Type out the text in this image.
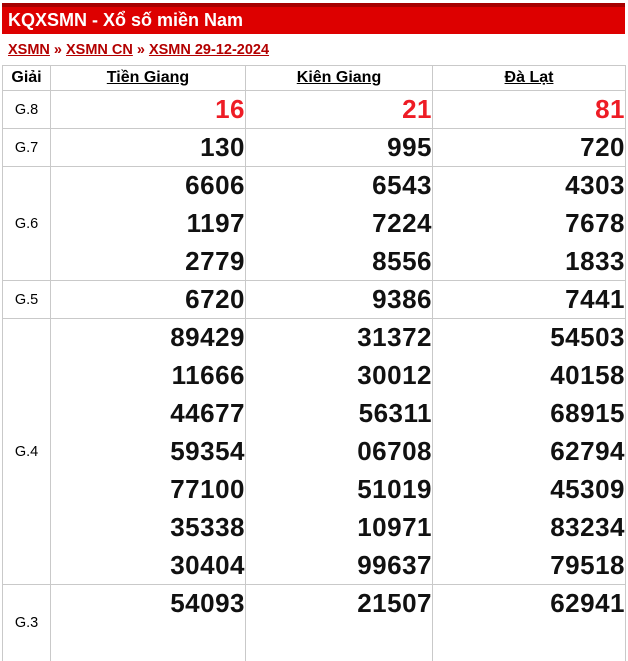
KQXSMN - Xổ số miền Nam
XSMN » XSMN CN » XSMN 29-12-2024
Giải	Tiền Giang	Kiên Giang	Đà Lạt
G.8	16	21	81
G.7	130	995	720
G.6	6606	6543	4303
	1197	7224	7678
	2779	8556	1833
G.5	6720	9386	7441
G.4	89429	31372	54503
	11666	30012	40158
	44677	56311	68915
	59354	06708	62794
	77100	51019	45309
	35338	10971	83234
	30404	99637	79518
G.3	54093	21507	62941
